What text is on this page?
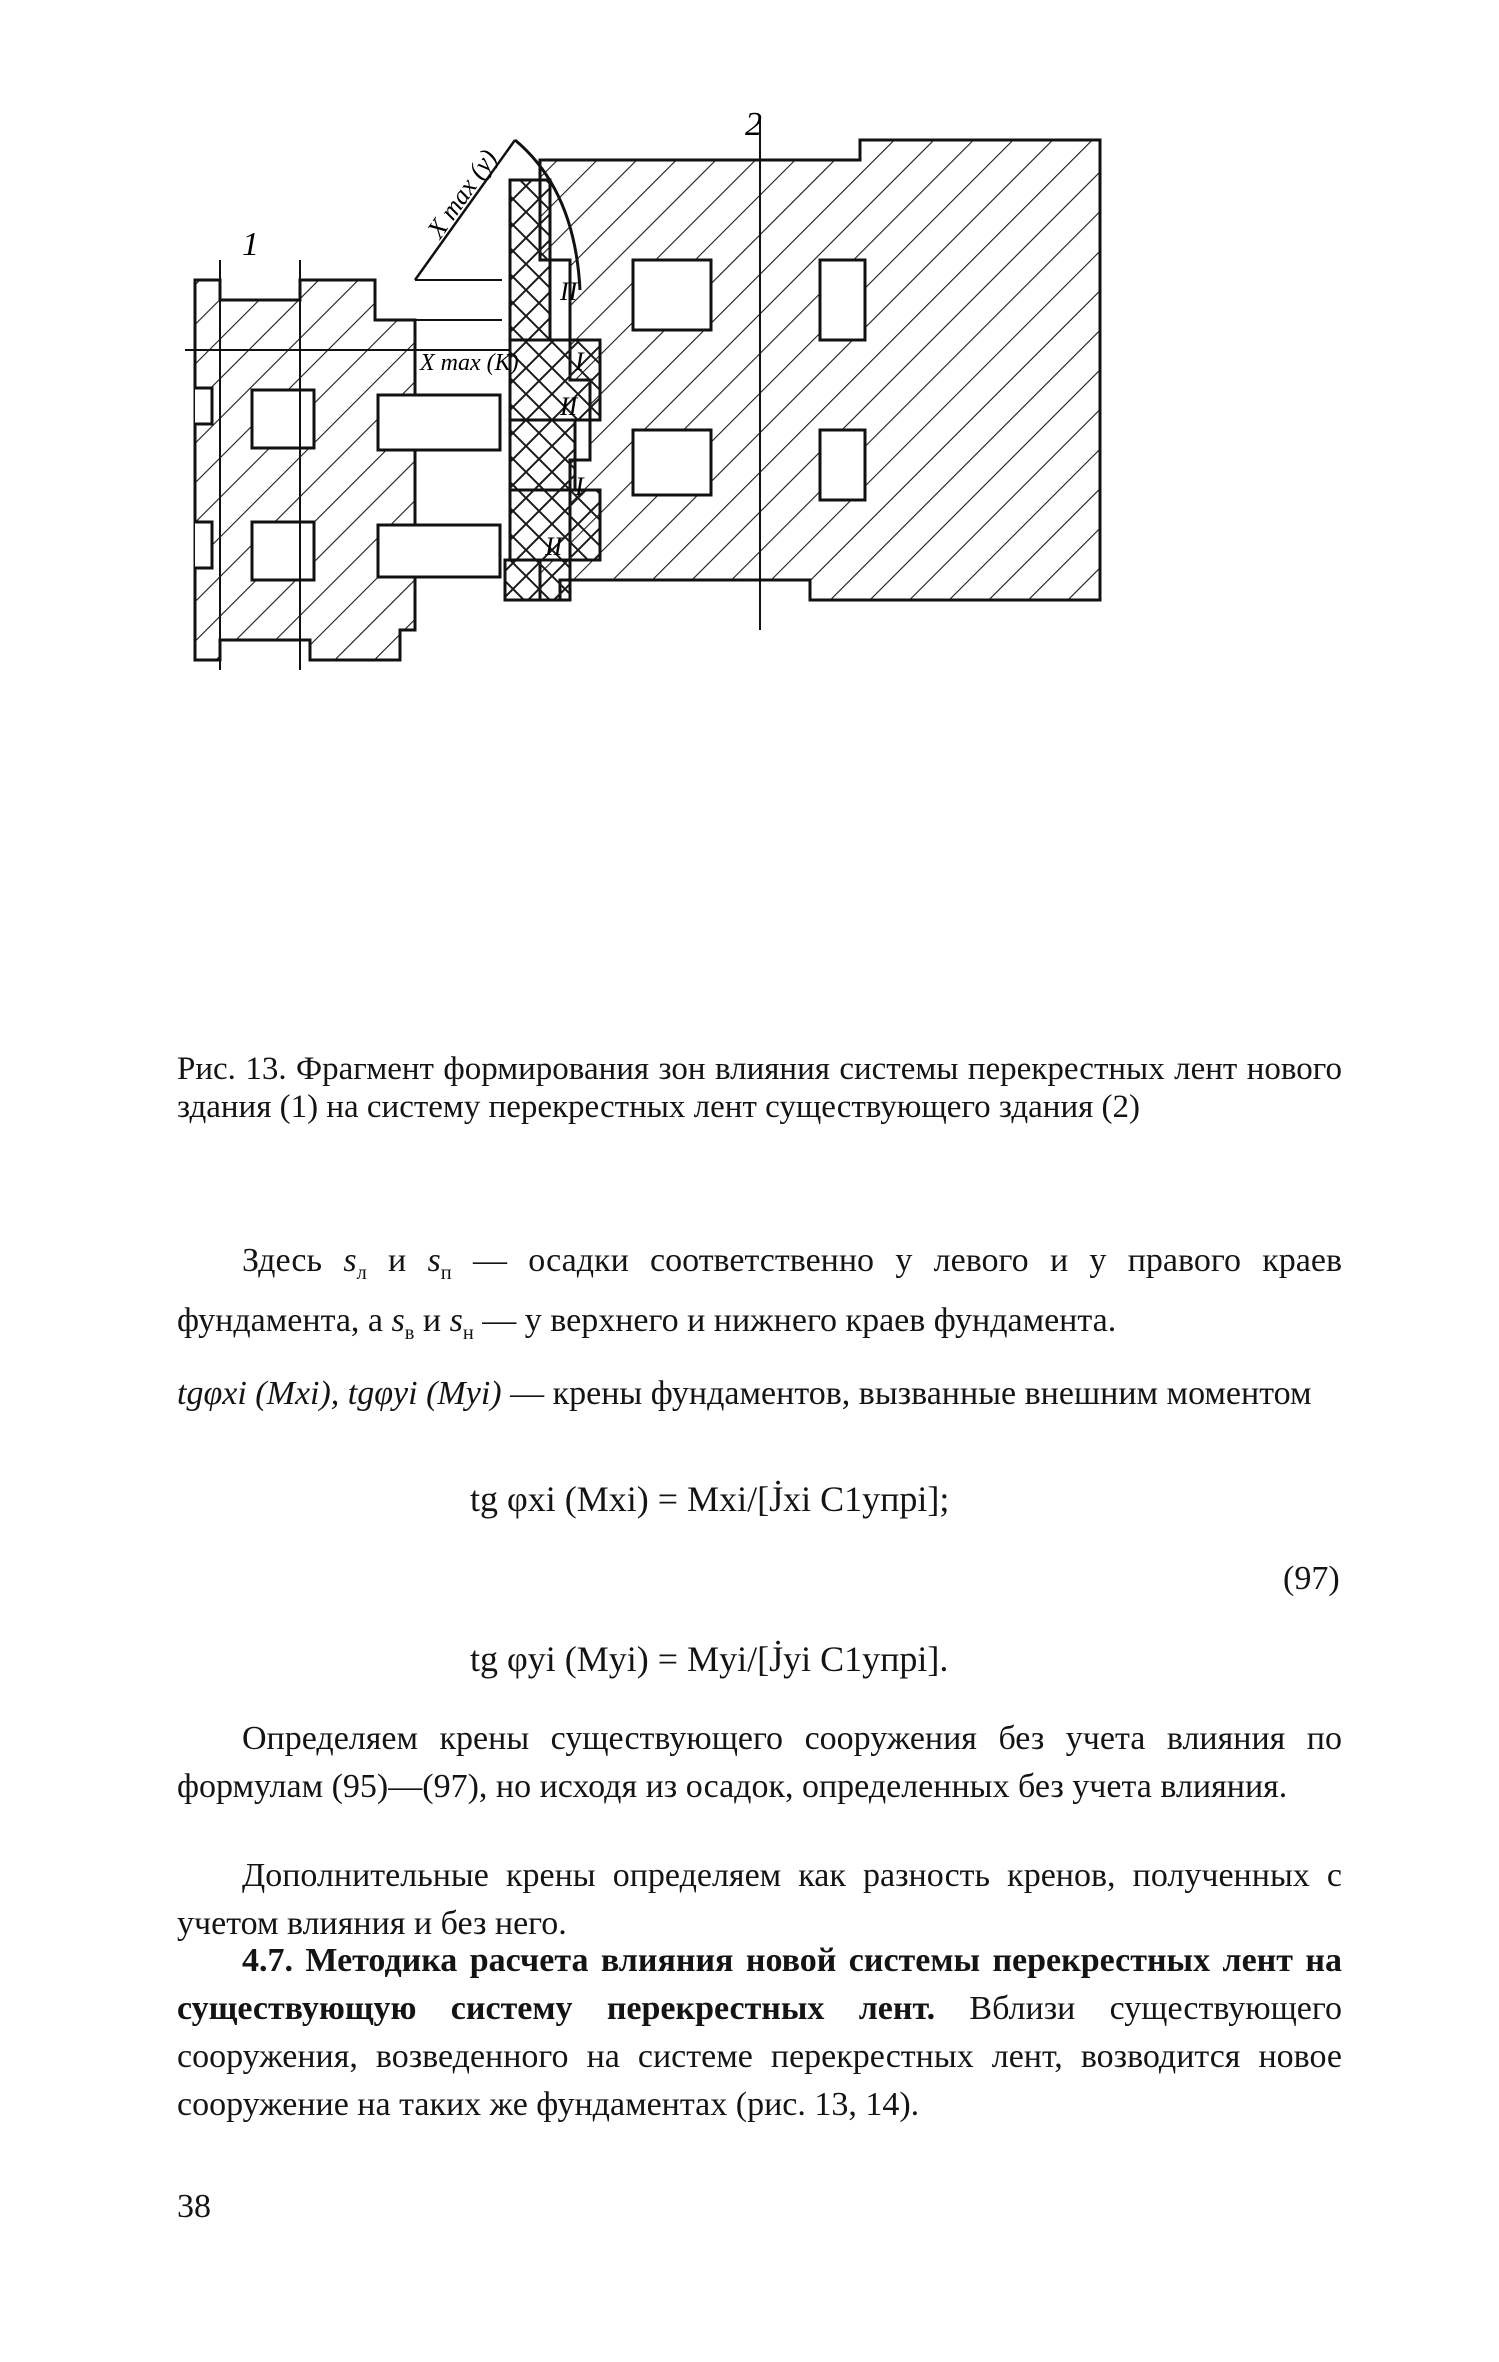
1
2
X max (y)
X max (K)
II
I
II
I
II
Рис. 13. Фрагмент формирования зон влияния системы перекрестных лент нового здания (1) на систему перекрестных лент существующего здания (2)
Здесь $s_л$ и $s_п$ — осадки соответственно у левого и у правого краев фундамента, а $s_в$ и $s_н$ — у верхнего и нижнего краев фундамента.
tgφxi (Mxi), tgφyi (Myi) — крены фундаментов, вызванные внешним моментом
tg φxi (Mxi) = Mxi/[J̇xi C1упрi];
tg φyi (Myi) = Myi/[J̇yi C1упрi].
(97)
Определяем крены существующего сооружения без учета влияния по формулам (95)—(97), но исходя из осадок, определенных без учета влияния.
Дополнительные крены определяем как разность кренов, полученных с учетом влияния и без него.
4.7. Методика расчета влияния новой системы перекрестных лент на существующую систему перекрестных лент. Вблизи существующего сооружения, возведенного на системе перекрестных лент, возводится новое сооружение на таких же фундаментах (рис. 13, 14).
38
